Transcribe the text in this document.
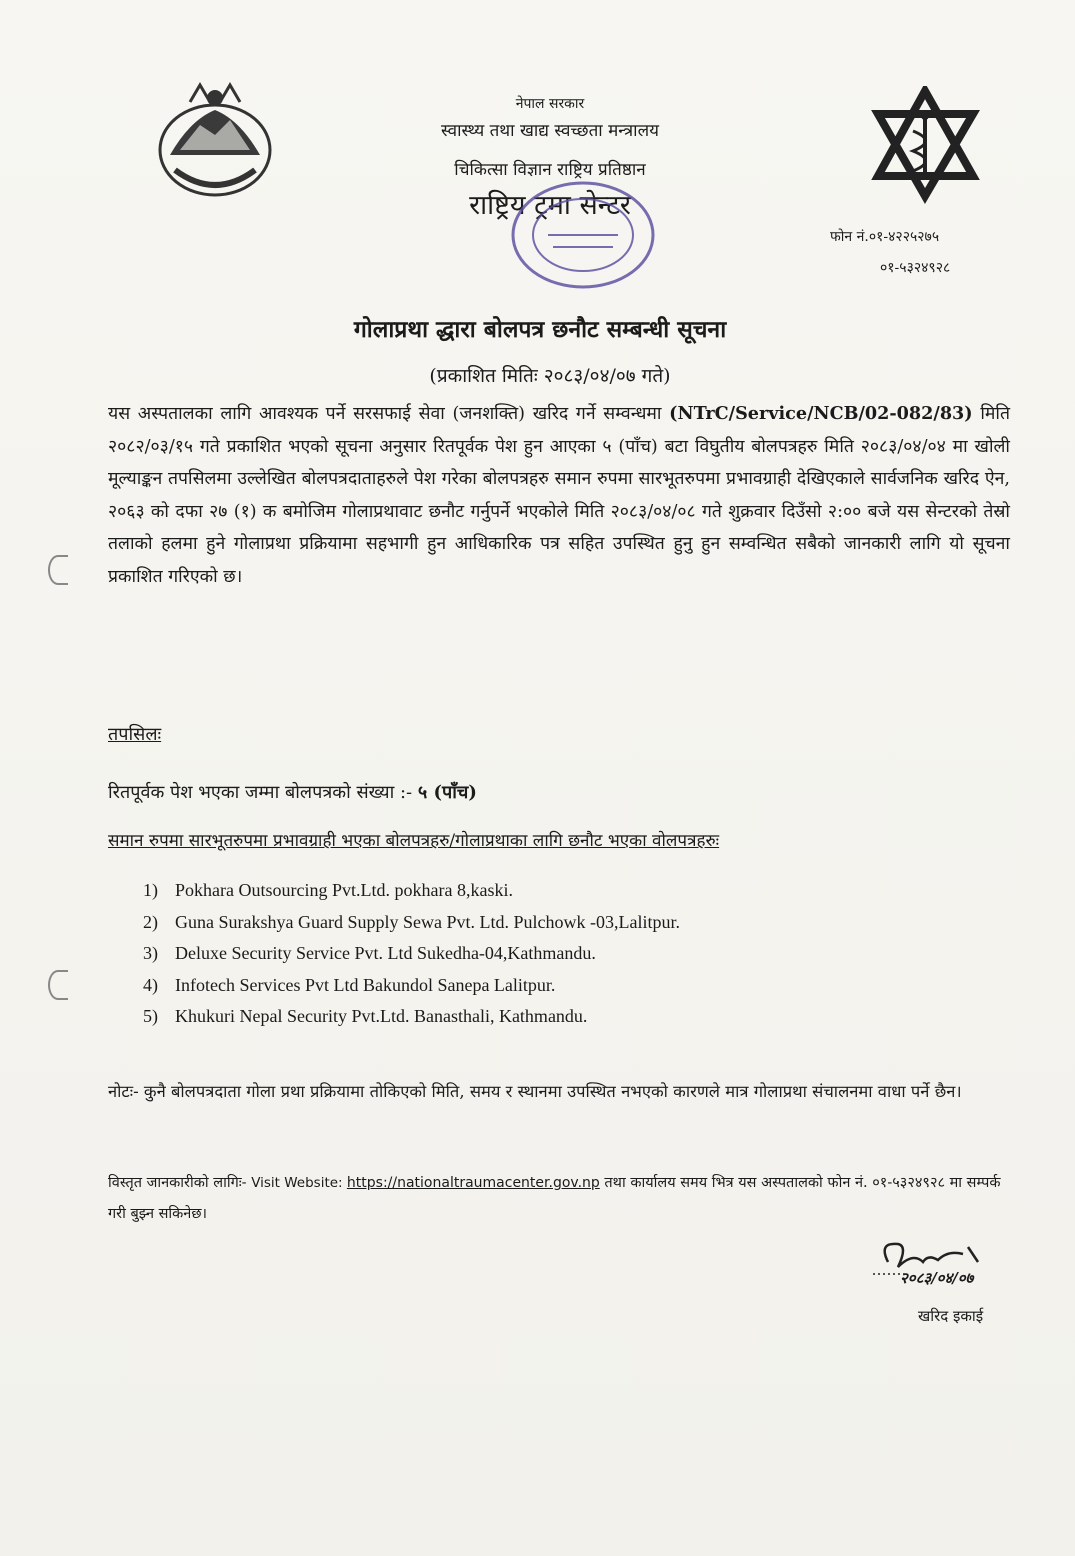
नेपाल सरकार
स्वास्थ्य तथा खाद्य स्वच्छता मन्त्रालय
चिकित्सा विज्ञान राष्ट्रिय प्रतिष्ठान
राष्ट्रिय ट्रमा सेन्टर
फोन नं.०१-४२२५२७५
०१-५३२४९२८
गोलाप्रथा द्धारा बोलपत्र छनौट सम्बन्धी सूचना
(प्रकाशित मितिः २०८३/०४/०७ गते)
यस अस्पतालका लागि आवश्यक पर्ने सरसफाई सेवा (जनशक्ति) खरिद गर्ने सम्वन्धमा (NTrC/Service/NCB/02-082/83) मिति २०८२/०३/१५ गते प्रकाशित भएको सूचना अनुसार रितपूर्वक पेश हुन आएका ५ (पाँच) बटा विघुतीय बोलपत्रहरु मिति २०८३/०४/०४ मा खोली मूल्याङ्कन तपसिलमा उल्लेखित बोलपत्रदाताहरुले पेश गरेका बोलपत्रहरु समान रुपमा सारभूतरुपमा प्रभावग्राही देखिएकाले सार्वजनिक खरिद ऐन, २०६३ को दफा २७ (१) क बमोजिम गोलाप्रथावाट छनौट गर्नुपर्ने भएकोले मिति २०८३/०४/०८ गते शुक्रवार दिउँसो २:०० बजे यस सेन्टरको तेस्रो तलाको हलमा हुने गोलाप्रथा प्रक्रियामा सहभागी हुन आधिकारिक पत्र सहित उपस्थित हुनु हुन सम्वन्धित सबैको जानकारी लागि यो सूचना प्रकाशित गरिएको छ।
तपसिलः
रितपूर्वक पेश भएका जम्मा बोलपत्रको संख्या :- ५ (पाँच)
समान रुपमा सारभूतरुपमा प्रभावग्राही भएका बोलपत्रहरु/गोलाप्रथाका लागि छनौट भएका वोलपत्रहरुः
1) Pokhara Outsourcing Pvt.Ltd. pokhara 8,kaski.
2) Guna Surakshya Guard Supply Sewa Pvt. Ltd. Pulchowk -03,Lalitpur.
3) Deluxe Security Service Pvt. Ltd Sukedha-04,Kathmandu.
4) Infotech Services Pvt Ltd Bakundol Sanepa Lalitpur.
5) Khukuri Nepal Security Pvt.Ltd. Banasthali, Kathmandu.
नोटः- कुनै बोलपत्रदाता गोला प्रथा प्रक्रियामा तोकिएको मिति, समय र स्थानमा उपस्थित नभएको कारणले मात्र गोलाप्रथा संचालनमा वाधा पर्ने छैन।
विस्तृत जानकारीको लागिः- Visit Website: https://nationaltraumacenter.gov.np तथा कार्यालय समय भित्र यस अस्पतालको फोन नं. ०१-५३२४९२८ मा सम्पर्क गरी बुझ्न सकिनेछ।
२०८३/०४/०७
खरिद इकाई
